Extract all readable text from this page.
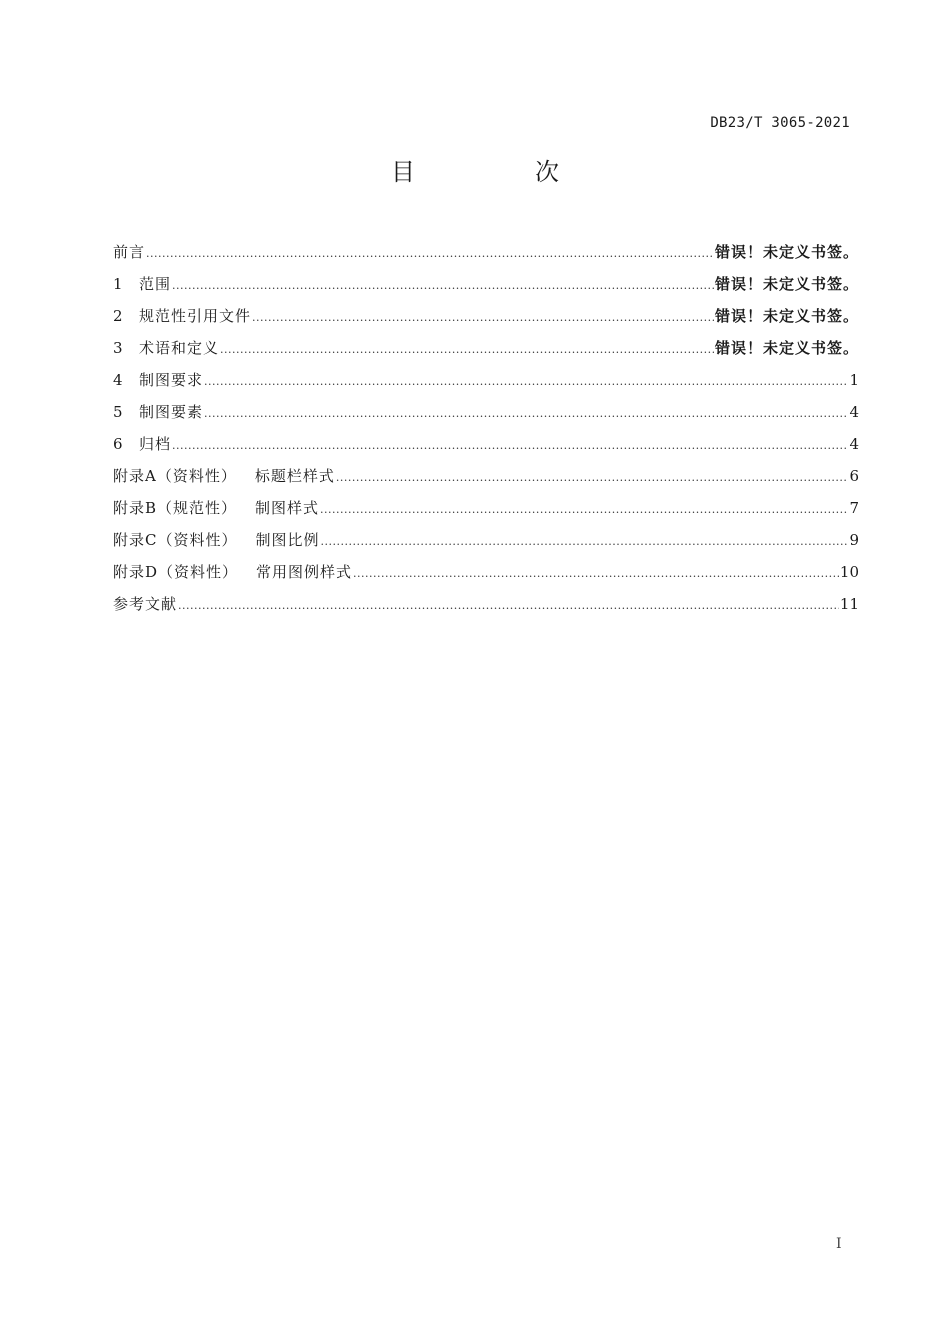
DB23/T 3065-2021
目　次
前言 .....	错误！未定义书签。
1 范围 .....	错误！未定义书签。
2 规范性引用文件 .....	错误！未定义书签。
3 术语和定义 .....	错误！未定义书签。
4 制图要求 .....	1
5 制图要素 .....	4
6 归档 .....	4
附录A（资料性） 标题栏样式 .....	6
附录B（规范性） 制图样式 .....	7
附录C（资料性） 制图比例 .....	9
附录D（资料性） 常用图例样式 .....	10
参考文献 .....	11
I
